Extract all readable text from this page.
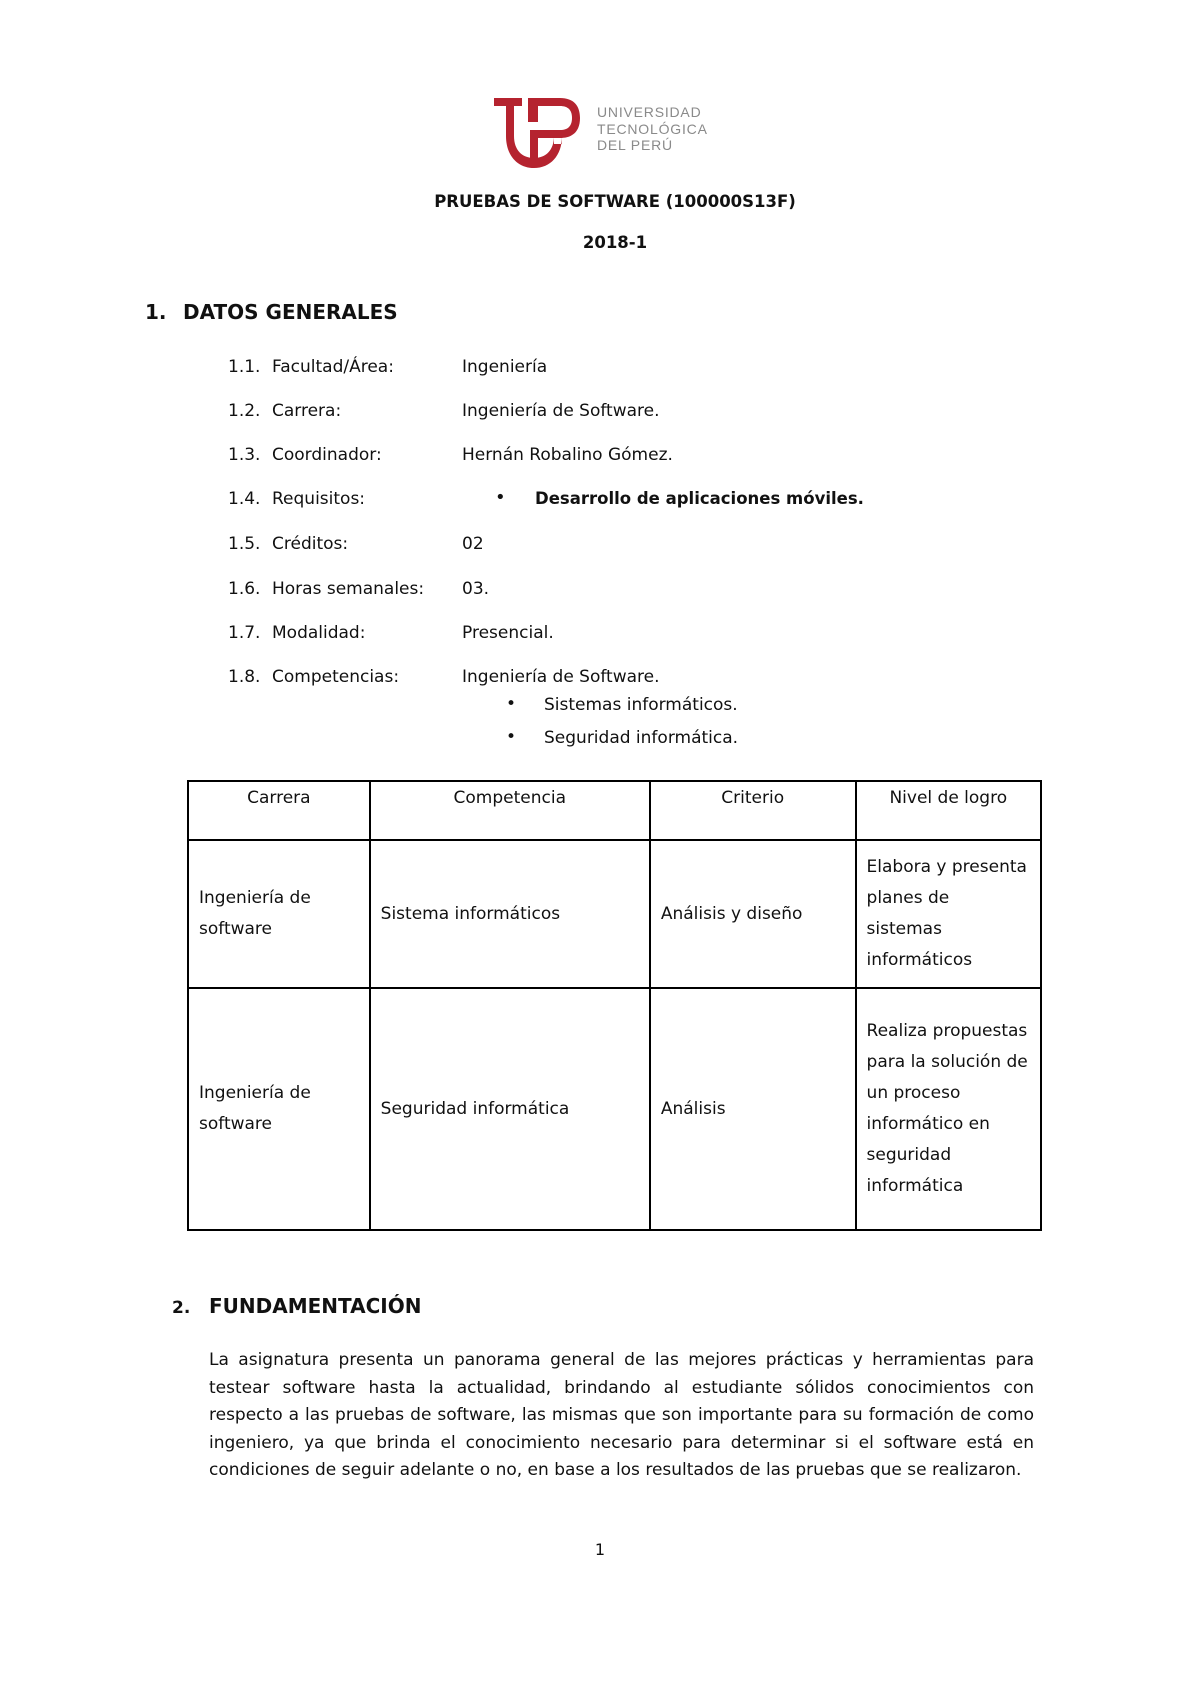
UNIVERSIDAD
TECNOLÓGICA
DEL PERÚ
PRUEBAS DE SOFTWARE (100000S13F)
2018-1
1. DATOS GENERALES
1.1. Facultad/Área:	Ingeniería
1.2. Carrera:	Ingeniería de Software.
1.3. Coordinador:	Hernán Robalino Gómez.
1.4. Requisitos:	• Desarrollo de aplicaciones móviles.
1.5. Créditos:	02
1.6. Horas semanales: 03.
1.7. Modalidad:	Presencial.
1.8. Competencias:	Ingeniería de Software.
• Sistemas informáticos.
• Seguridad informática.
Carrera	Competencia	Criterio	Nivel de logro
Ingeniería de software	Sistema informáticos	Análisis y diseño	Elabora y presenta planes de sistemas informáticos
Ingeniería de software	Seguridad informática	Análisis	Realiza propuestas para la solución de un proceso informático en seguridad informática
2. FUNDAMENTACIÓN
La asignatura presenta un panorama general de las mejores prácticas y herramientas para testear software hasta la actualidad, brindando al estudiante sólidos conocimientos con respecto a las pruebas de software, las mismas que son importante para su formación de como ingeniero, ya que brinda el conocimiento necesario para determinar si el software está en condiciones de seguir adelante o no, en base a los resultados de las pruebas que se realizaron.
1
